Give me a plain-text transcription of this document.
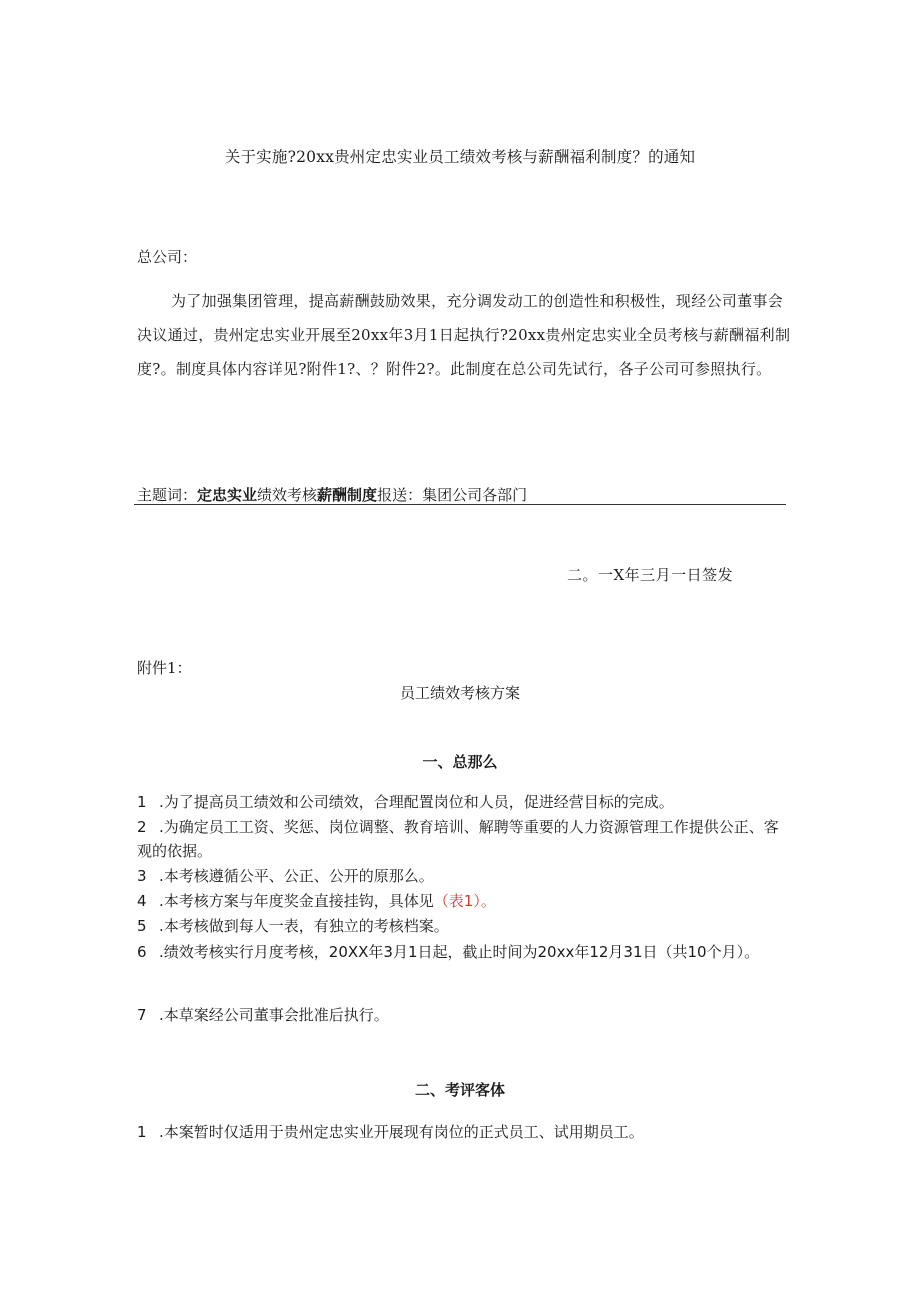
关于实施?20xx贵州定忠实业员工绩效考核与薪酬福利制度？的通知
总公司：
为了加强集团管理，提高薪酬鼓励效果，充分调发动工的创造性和积极性，现经公司董事会决议通过，贵州定忠实业开展至20xx年3月1日起执行?20xx贵州定忠实业全员考核与薪酬福利制度?。制度具体内容详见?附件1?、？附件2?。此制度在总公司先试行，各子公司可参照执行。
主题词：定忠实业绩效考核薪酬制度报送：集团公司各部门
二。一X年三月一日签发
附件1：
员工绩效考核方案
一、总那么
1 .为了提高员工绩效和公司绩效，合理配置岗位和人员，促进经营目标的完成。
2 .为确定员工工资、奖惩、岗位调整、教育培训、解聘等重要的人力资源管理工作提供公正、客观的依据。
3 .本考核遵循公平、公正、公开的原那么。
4 .本考核方案与年度奖金直接挂钩，具体见（表1）。
5 .本考核做到每人一表，有独立的考核档案。
6 .绩效考核实行月度考核，20XX年3月1日起，截止时间为20xx年12月31日（共10个月）。
7 .本草案经公司董事会批准后执行。
二、考评客体
1 .本案暂时仅适用于贵州定忠实业开展现有岗位的正式员工、试用期员工。
